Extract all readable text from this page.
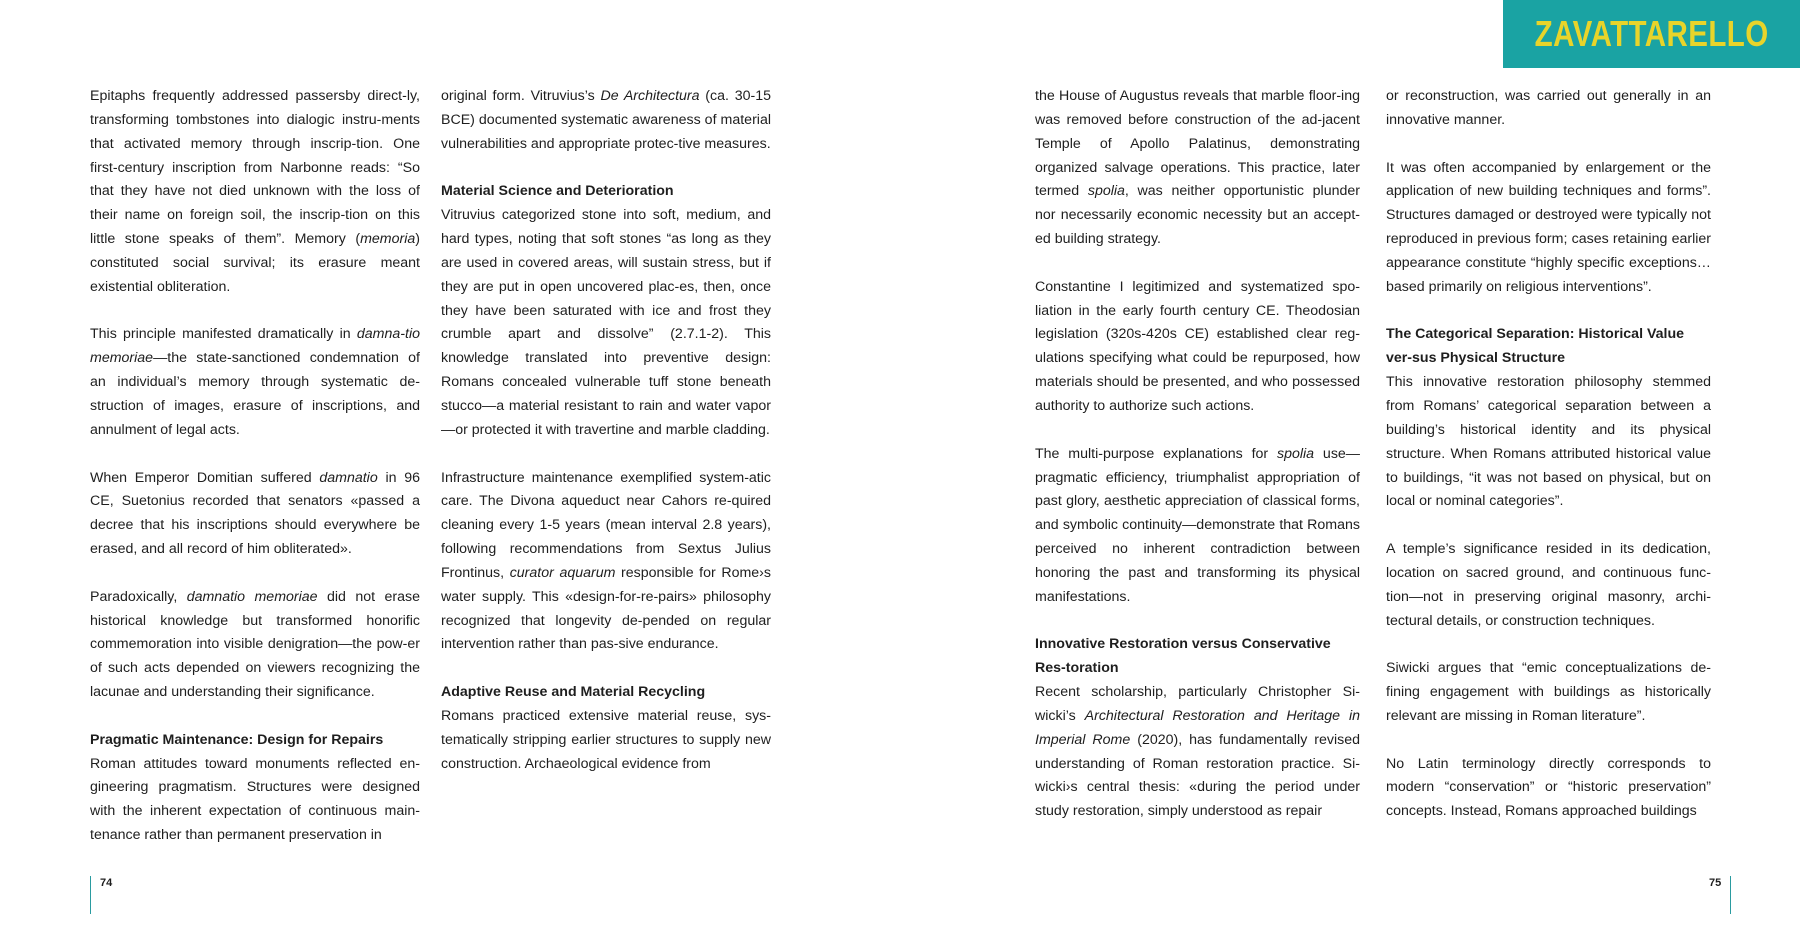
Epitaphs frequently addressed passersby direct-ly, transforming tombstones into dialogic instru-ments that activated memory through inscrip-tion. One first-century inscription from Narbonne reads: “So that they have not died unknown with the loss of their name on foreign soil, the inscrip-tion on this little stone speaks of them”. Memory (memoria) constituted social survival; its erasure meant existential obliteration.

This principle manifested dramatically in damna-tio memoriae—the state-sanctioned condemnation of an individual’s memory through systematic de-struction of images, erasure of inscriptions, and annulment of legal acts.

When Emperor Domitian suffered damnatio in 96 CE, Suetonius recorded that senators «passed a decree that his inscriptions should everywhere be erased, and all record of him obliterated».

Paradoxically, damnatio memoriae did not erase historical knowledge but transformed honorific commemoration into visible denigration—the pow-er of such acts depended on viewers recognizing the lacunae and understanding their significance.

Pragmatic Maintenance: Design for Repairs

Roman attitudes toward monuments reflected en-gineering pragmatism. Structures were designed with the inherent expectation of continuous main-tenance rather than permanent preservation in

original form. Vitruvius’s De Architectura (ca. 30-15 BCE) documented systematic awareness of material vulnerabilities and appropriate protec-tive measures.

Material Science and Deterioration

Vitruvius categorized stone into soft, medium, and hard types, noting that soft stones “as long as they are used in covered areas, will sustain stress, but if they are put in open uncovered plac-es, then, once they have been saturated with ice and frost they crumble apart and dissolve” (2.7.1-2). This knowledge translated into preventive design: Romans concealed vulnerable tuff stone beneath stucco—a material resistant to rain and water vapor—or protected it with travertine and marble cladding.

Infrastructure maintenance exemplified system-atic care. The Divona aqueduct near Cahors re-quired cleaning every 1-5 years (mean interval 2.8 years), following recommendations from Sextus Julius Frontinus, curator aquarum responsible for Rome›s water supply. This «design-for-re-pairs» philosophy recognized that longevity de-pended on regular intervention rather than pas-sive endurance.

Adaptive Reuse and Material Recycling

Romans practiced extensive material reuse, sys-tematically stripping earlier structures to supply new construction. Archaeological evidence from

74
ZAVATTARELLO

the House of Augustus reveals that marble floor-ing was removed before construction of the ad-jacent Temple of Apollo Palatinus, demonstrating organized salvage operations. This practice, later termed spolia, was neither opportunistic plunder nor necessarily economic necessity but an accept-ed building strategy.

Constantine I legitimized and systematized spo-liation in the early fourth century CE. Theodosian legislation (320s-420s CE) established clear reg-ulations specifying what could be repurposed, how materials should be presented, and who possessed authority to authorize such actions.

The multi-purpose explanations for spolia use—pragmatic efficiency, triumphalist appropriation of past glory, aesthetic appreciation of classical forms, and symbolic continuity—demonstrate that Romans perceived no inherent contradiction between honoring the past and transforming its physical manifestations.

Innovative Restoration versus Conservative Res-toration

Recent scholarship, particularly Christopher Si-wicki’s Architectural Restoration and Heritage in Imperial Rome (2020), has fundamentally revised understanding of Roman restoration practice. Si-wicki›s central thesis: «during the period under study restoration, simply understood as repair

or reconstruction, was carried out generally in an innovative manner.

It was often accompanied by enlargement or the application of new building techniques and forms”. Structures damaged or destroyed were typically not reproduced in previous form; cases retaining earlier appearance constitute “highly specific exceptions…based primarily on religious interventions”.

The Categorical Separation: Historical Value ver-sus Physical Structure

This innovative restoration philosophy stemmed from Romans’ categorical separation between a building’s historical identity and its physical structure. When Romans attributed historical value to buildings, “it was not based on physical, but on local or nominal categories”.

A temple’s significance resided in its dedication, location on sacred ground, and continuous func-tion—not in preserving original masonry, archi-tectural details, or construction techniques.

Siwicki argues that “emic conceptualizations de-fining engagement with buildings as historically relevant are missing in Roman literature”.

No Latin terminology directly corresponds to modern “conservation” or “historic preservation” concepts. Instead, Romans approached buildings

75
